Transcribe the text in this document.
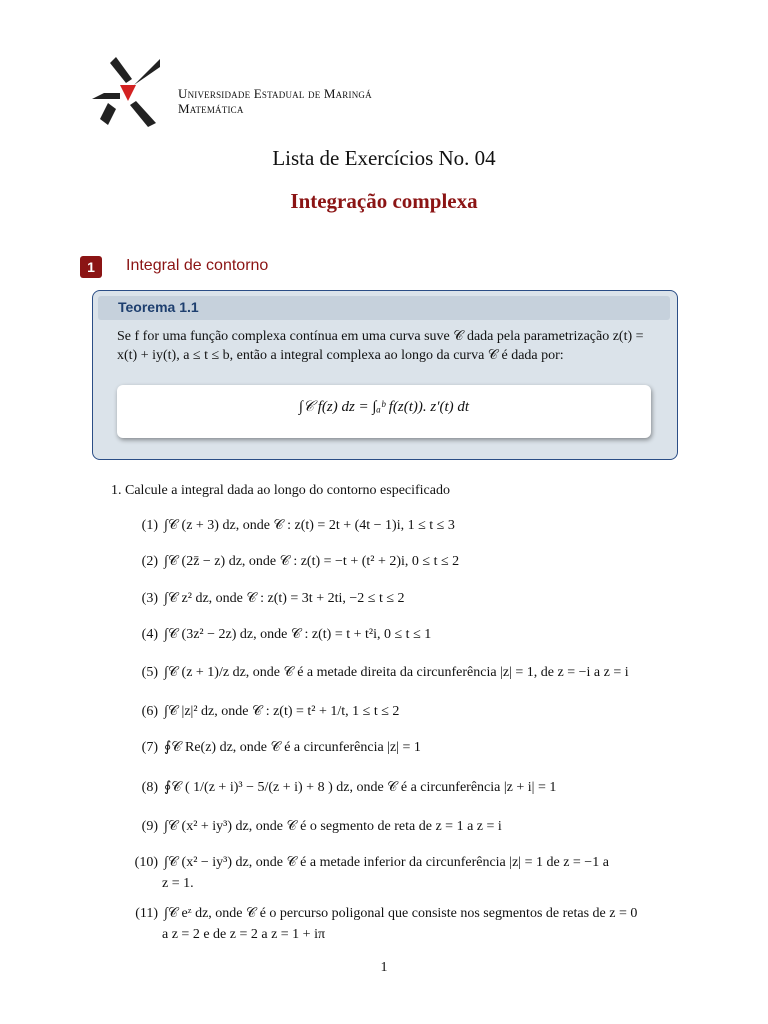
Universidade Estadual de Maringá
Matemática
Lista de Exercícios No. 04
Integração complexa
1	Integral de contorno
Teorema 1.1
Se f for uma função complexa contínua em uma curva suve 𝒞 dada pela parametrização z(t) = x(t) + iy(t), a ≤ t ≤ b, então a integral complexa ao longo da curva 𝒞 é dada por:
∫𝒞 f(z) dz = ∫ₐᵇ f(z(t)). z′(t) dt
1. Calcule a integral dada ao longo do contorno especificado
(1) ∫𝒞 (z + 3) dz, onde 𝒞 : z(t) = 2t + (4t − 1)i, 1 ≤ t ≤ 3
(2) ∫𝒞 (2z̄ − z) dz, onde 𝒞 : z(t) = −t + (t² + 2)i, 0 ≤ t ≤ 2
(3) ∫𝒞 z² dz, onde 𝒞 : z(t) = 3t + 2ti, −2 ≤ t ≤ 2
(4) ∫𝒞 (3z² − 2z) dz, onde 𝒞 : z(t) = t + t²i, 0 ≤ t ≤ 1
(5) ∫𝒞 (z + 1)/z dz, onde 𝒞 é a metade direita da circunferência |z| = 1, de z = −i a z = i
(6) ∫𝒞 |z|² dz, onde 𝒞 : z(t) = t² + 1/t, 1 ≤ t ≤ 2
(7) ∮𝒞 Re(z) dz, onde 𝒞 é a circunferência |z| = 1
(8) ∮𝒞 ( 1/(z + i)³ − 5/(z + i) + 8 ) dz, onde 𝒞 é a circunferência |z + i| = 1
(9) ∫𝒞 (x² + iy³) dz, onde 𝒞 é o segmento de reta de z = 1 a z = i
(10) ∫𝒞 (x² − iy³) dz, onde 𝒞 é a metade inferior da circunferência |z| = 1 de z = −1 a
z = 1.
(11) ∫𝒞 eᶻ dz, onde 𝒞 é o percurso poligonal que consiste nos segmentos de retas de z = 0
a z = 2 e de z = 2 a z = 1 + iπ
1
